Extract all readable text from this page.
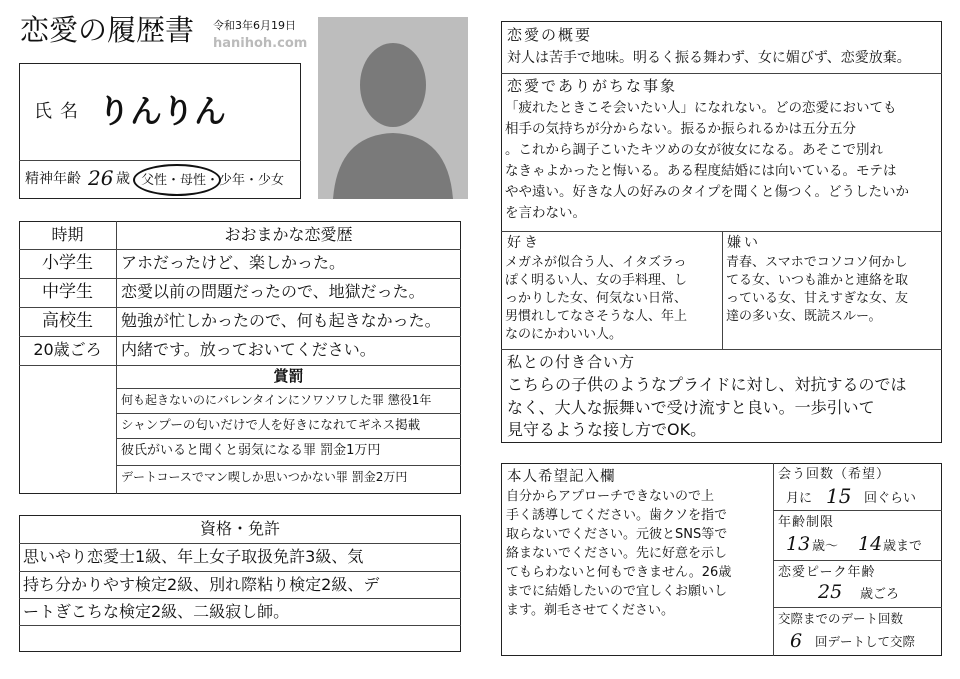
恋愛の履歴書 令和3年6月19日
hanihoh.com
氏名 りんりん
精神年齢 26 歳 父性・母性・少年・少女
時期	おおまかな恋愛歴
小学生	アホだったけど、楽しかった。
中学生	恋愛以前の問題だったので、地獄だった。
高校生	勉強が忙しかったので、何も起きなかった。
20歳ごろ	内緒です。放っておいてください。
賞罰
何も起きないのにバレンタインにソワソワした罪 懲役1年
シャンプーの匂いだけで人を好きになれてギネス掲載
彼氏がいると聞くと弱気になる罪 罰金1万円
デートコースでマン喫しか思いつかない罪 罰金2万円
資格・免許
思いやり恋愛士1級、年上女子取扱免許3級、気
持ち分かりやす検定2級、別れ際粘り検定2級、デ
ートぎこちな検定2級、二級寂し師。
恋愛の概要
対人は苦手で地味。明るく振る舞わず、女に媚びず、恋愛放棄。
恋愛でありがちな事象
「疲れたときこそ会いたい人」になれない。どの恋愛においても
相手の気持ちが分からない。振るか振られるかは五分五分
。これから調子こいたキツめの女が彼女になる。あそこで別れ
なきゃよかったと悔いる。ある程度結婚には向いている。モテは
やや遠い。好きな人の好みのタイプを聞くと傷つく。どうしたいか
を言わない。
好き
メガネが似合う人、イタズラっ
ぽく明るい人、女の手料理、し
っかりした女、何気ない日常、
男慣れしてなさそうな人、年上
なのにかわいい人。
嫌い
青春、スマホでコソコソ何かし
てる女、いつも誰かと連絡を取
っている女、甘えすぎな女、友
達の多い女、既読スルー。
私との付き合い方
こちらの子供のようなプライドに対し、対抗するのでは
なく、大人な振舞いで受け流すと良い。一歩引いて
見守るような接し方でOK。
本人希望記入欄
自分からアプローチできないので上
手く誘導してください。歯クソを指で
取らないでください。元彼とSNS等で
絡まないでください。先に好意を示し
てもらわないと何もできません。26歳
までに結婚したいので宜しくお願いし
ます。剃毛させてください。
会う回数（希望）
月に 15 回ぐらい
年齢制限
13 歳〜 14 歳まで
恋愛ピーク年齢
25 歳ごろ
交際までのデート回数
6 回デートして交際
